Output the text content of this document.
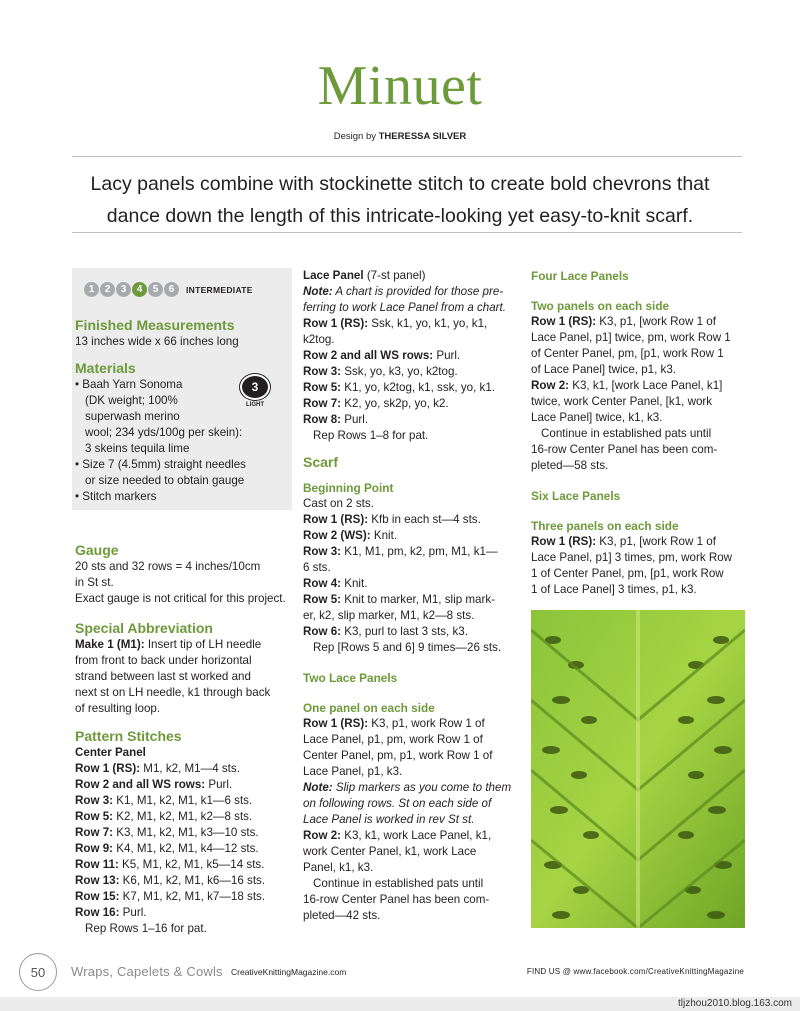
Minuet
Design by THERESSA SILVER
Lacy panels combine with stockinette stitch to create bold chevrons that
dance down the length of this intricate-looking yet easy-to-knit scarf.
1	2	3	4	5	6	INTERMEDIATE
3
LIGHT

Finished Measurements

13 inches wide x 66 inches long

Materials

• Baah Yarn Sonoma

(DK weight; 100%

superwash merino

wool; 234 yds/100g per skein):

3 skeins tequila lime

• Size 7 (4.5mm) straight needles

or size needed to obtain gauge

• Stitch markers

Gauge

20 sts and 32 rows = 4 inches/10cm

in St st.

Exact gauge is not critical for this project.

Special Abbreviation

Make 1 (M1): Insert tip of LH needle

from front to back under horizontal

strand between last st worked and

next st on LH needle, k1 through back

of resulting loop.

Pattern Stitches

Center Panel

Row 1 (RS): M1, k2, M1—4 sts.

Row 2 and all WS rows: Purl.

Row 3: K1, M1, k2, M1, k1—6 sts.

Row 5: K2, M1, k2, M1, k2—8 sts.

Row 7: K3, M1, k2, M1, k3—10 sts.

Row 9: K4, M1, k2, M1, k4—12 sts.

Row 11: K5, M1, k2, M1, k5—14 sts.

Row 13: K6, M1, k2, M1, k6—16 sts.

Row 15: K7, M1, k2, M1, k7—18 sts.

Row 16: Purl.

Rep Rows 1–16 for pat.

Lace Panel (7-st panel)

Note: A chart is provided for those pre-

ferring to work Lace Panel from a chart.

Row 1 (RS): Ssk, k1, yo, k1, yo, k1,

k2tog.

Row 2 and all WS rows: Purl.

Row 3: Ssk, yo, k3, yo, k2tog.

Row 5: K1, yo, k2tog, k1, ssk, yo, k1.

Row 7: K2, yo, sk2p, yo, k2.

Row 8: Purl.

Rep Rows 1–8 for pat.

Scarf

Beginning Point

Cast on 2 sts.

Row 1 (RS): Kfb in each st—4 sts.

Row 2 (WS): Knit.

Row 3: K1, M1, pm, k2, pm, M1, k1—

6 sts.

Row 4: Knit.

Row 5: Knit to marker, M1, slip mark-

er, k2, slip marker, M1, k2—8 sts.

Row 6: K3, purl to last 3 sts, k3.

Rep [Rows 5 and 6] 9 times—26 sts.

Two Lace Panels

One panel on each side

Row 1 (RS): K3, p1, work Row 1 of

Lace Panel, p1, pm, work Row 1 of

Center Panel, pm, p1, work Row 1 of

Lace Panel, p1, k3.

Note: Slip markers as you come to them

on following rows. St on each side of

Lace Panel is worked in rev St st.

Row 2: K3, k1, work Lace Panel, k1,

work Center Panel, k1, work Lace

Panel, k1, k3.

Continue in established pats until

16-row Center Panel has been com-

pleted—42 sts.

Four Lace Panels

Two panels on each side

Row 1 (RS): K3, p1, [work Row 1 of

Lace Panel, p1] twice, pm, work Row 1

of Center Panel, pm, [p1, work Row 1

of Lace Panel] twice, p1, k3.

Row 2: K3, k1, [work Lace Panel, k1]

twice, work Center Panel, [k1, work

Lace Panel] twice, k1, k3.

Continue in established pats until

16-row Center Panel has been com-

pleted—58 sts.

Six Lace Panels

Three panels on each side

Row 1 (RS): K3, p1, [work Row 1 of

Lace Panel, p1] 3 times, pm, work Row

1 of Center Panel, pm, [p1, work Row

1 of Lace Panel] 3 times, p1, k3.

50	Wraps, Capelets & Cowls CreativeKnittingMagazine.com	FIND US @ www.facebook.com/CreativeKnittingMagazine
tljzhou2010.blog.163.com
